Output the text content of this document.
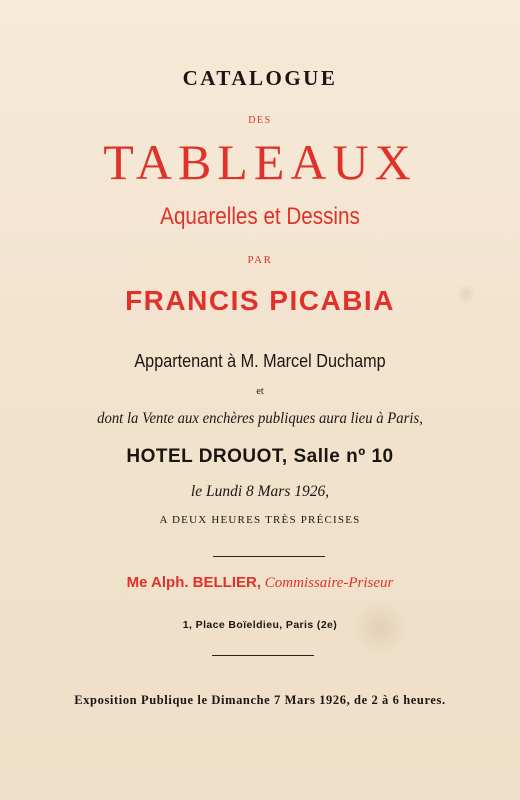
CATALOGUE
DES
TABLEAUX
Aquarelles et Dessins
PAR
FRANCIS PICABIA
Appartenant à M. Marcel Duchamp
et
dont la Vente aux enchères publiques aura lieu à Paris,
HOTEL DROUOT, Salle nº 10
le Lundi 8 Mars 1926,
A DEUX HEURES TRÈS PRÉCISES
Me Alph. BELLIER, Commissaire-Priseur
1, Place Boïeldieu, Paris (2e)
Exposition Publique le Dimanche 7 Mars 1926, de 2 à 6 heures.
